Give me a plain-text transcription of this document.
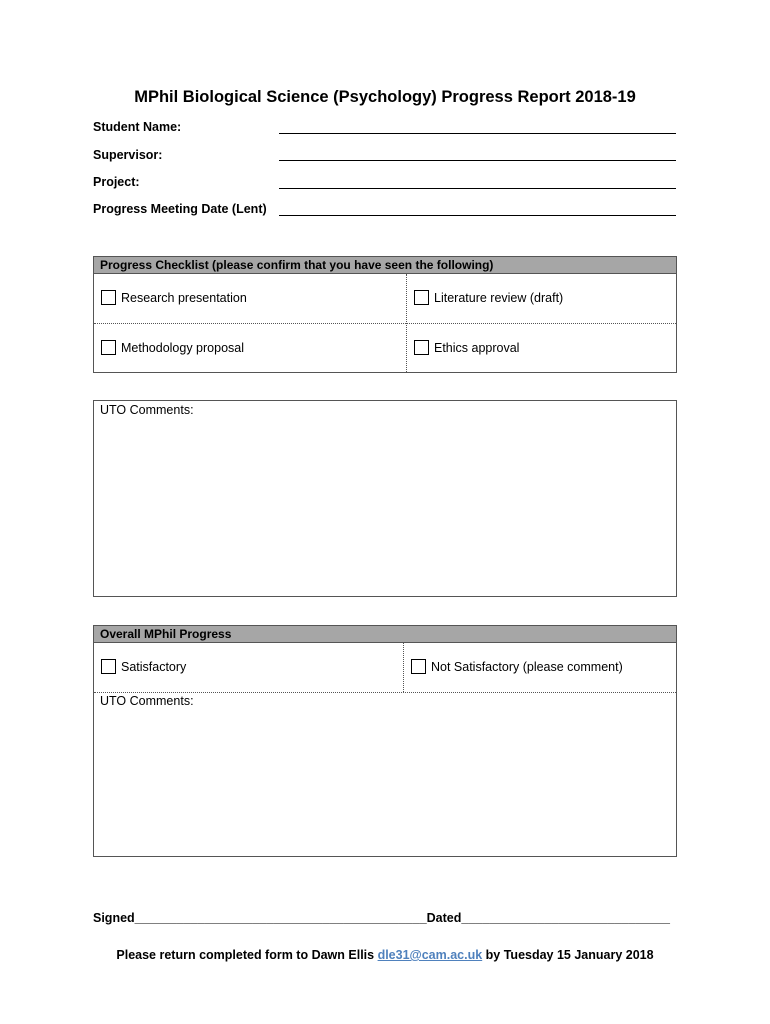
MPhil Biological Science (Psychology) Progress Report 2018-19
Student Name:
Supervisor:
Project:
Progress Meeting Date (Lent)
Progress Checklist (please confirm that you have seen the following)
Research presentation	Literature review (draft)
Methodology proposal	Ethics approval
UTO Comments:
Overall MPhil Progress
Satisfactory	Not Satisfactory (please comment)
UTO Comments:
Signed__________________________________________Dated______________________________
Please return completed form to Dawn Ellis dle31@cam.ac.uk by Tuesday 15 January 2018
